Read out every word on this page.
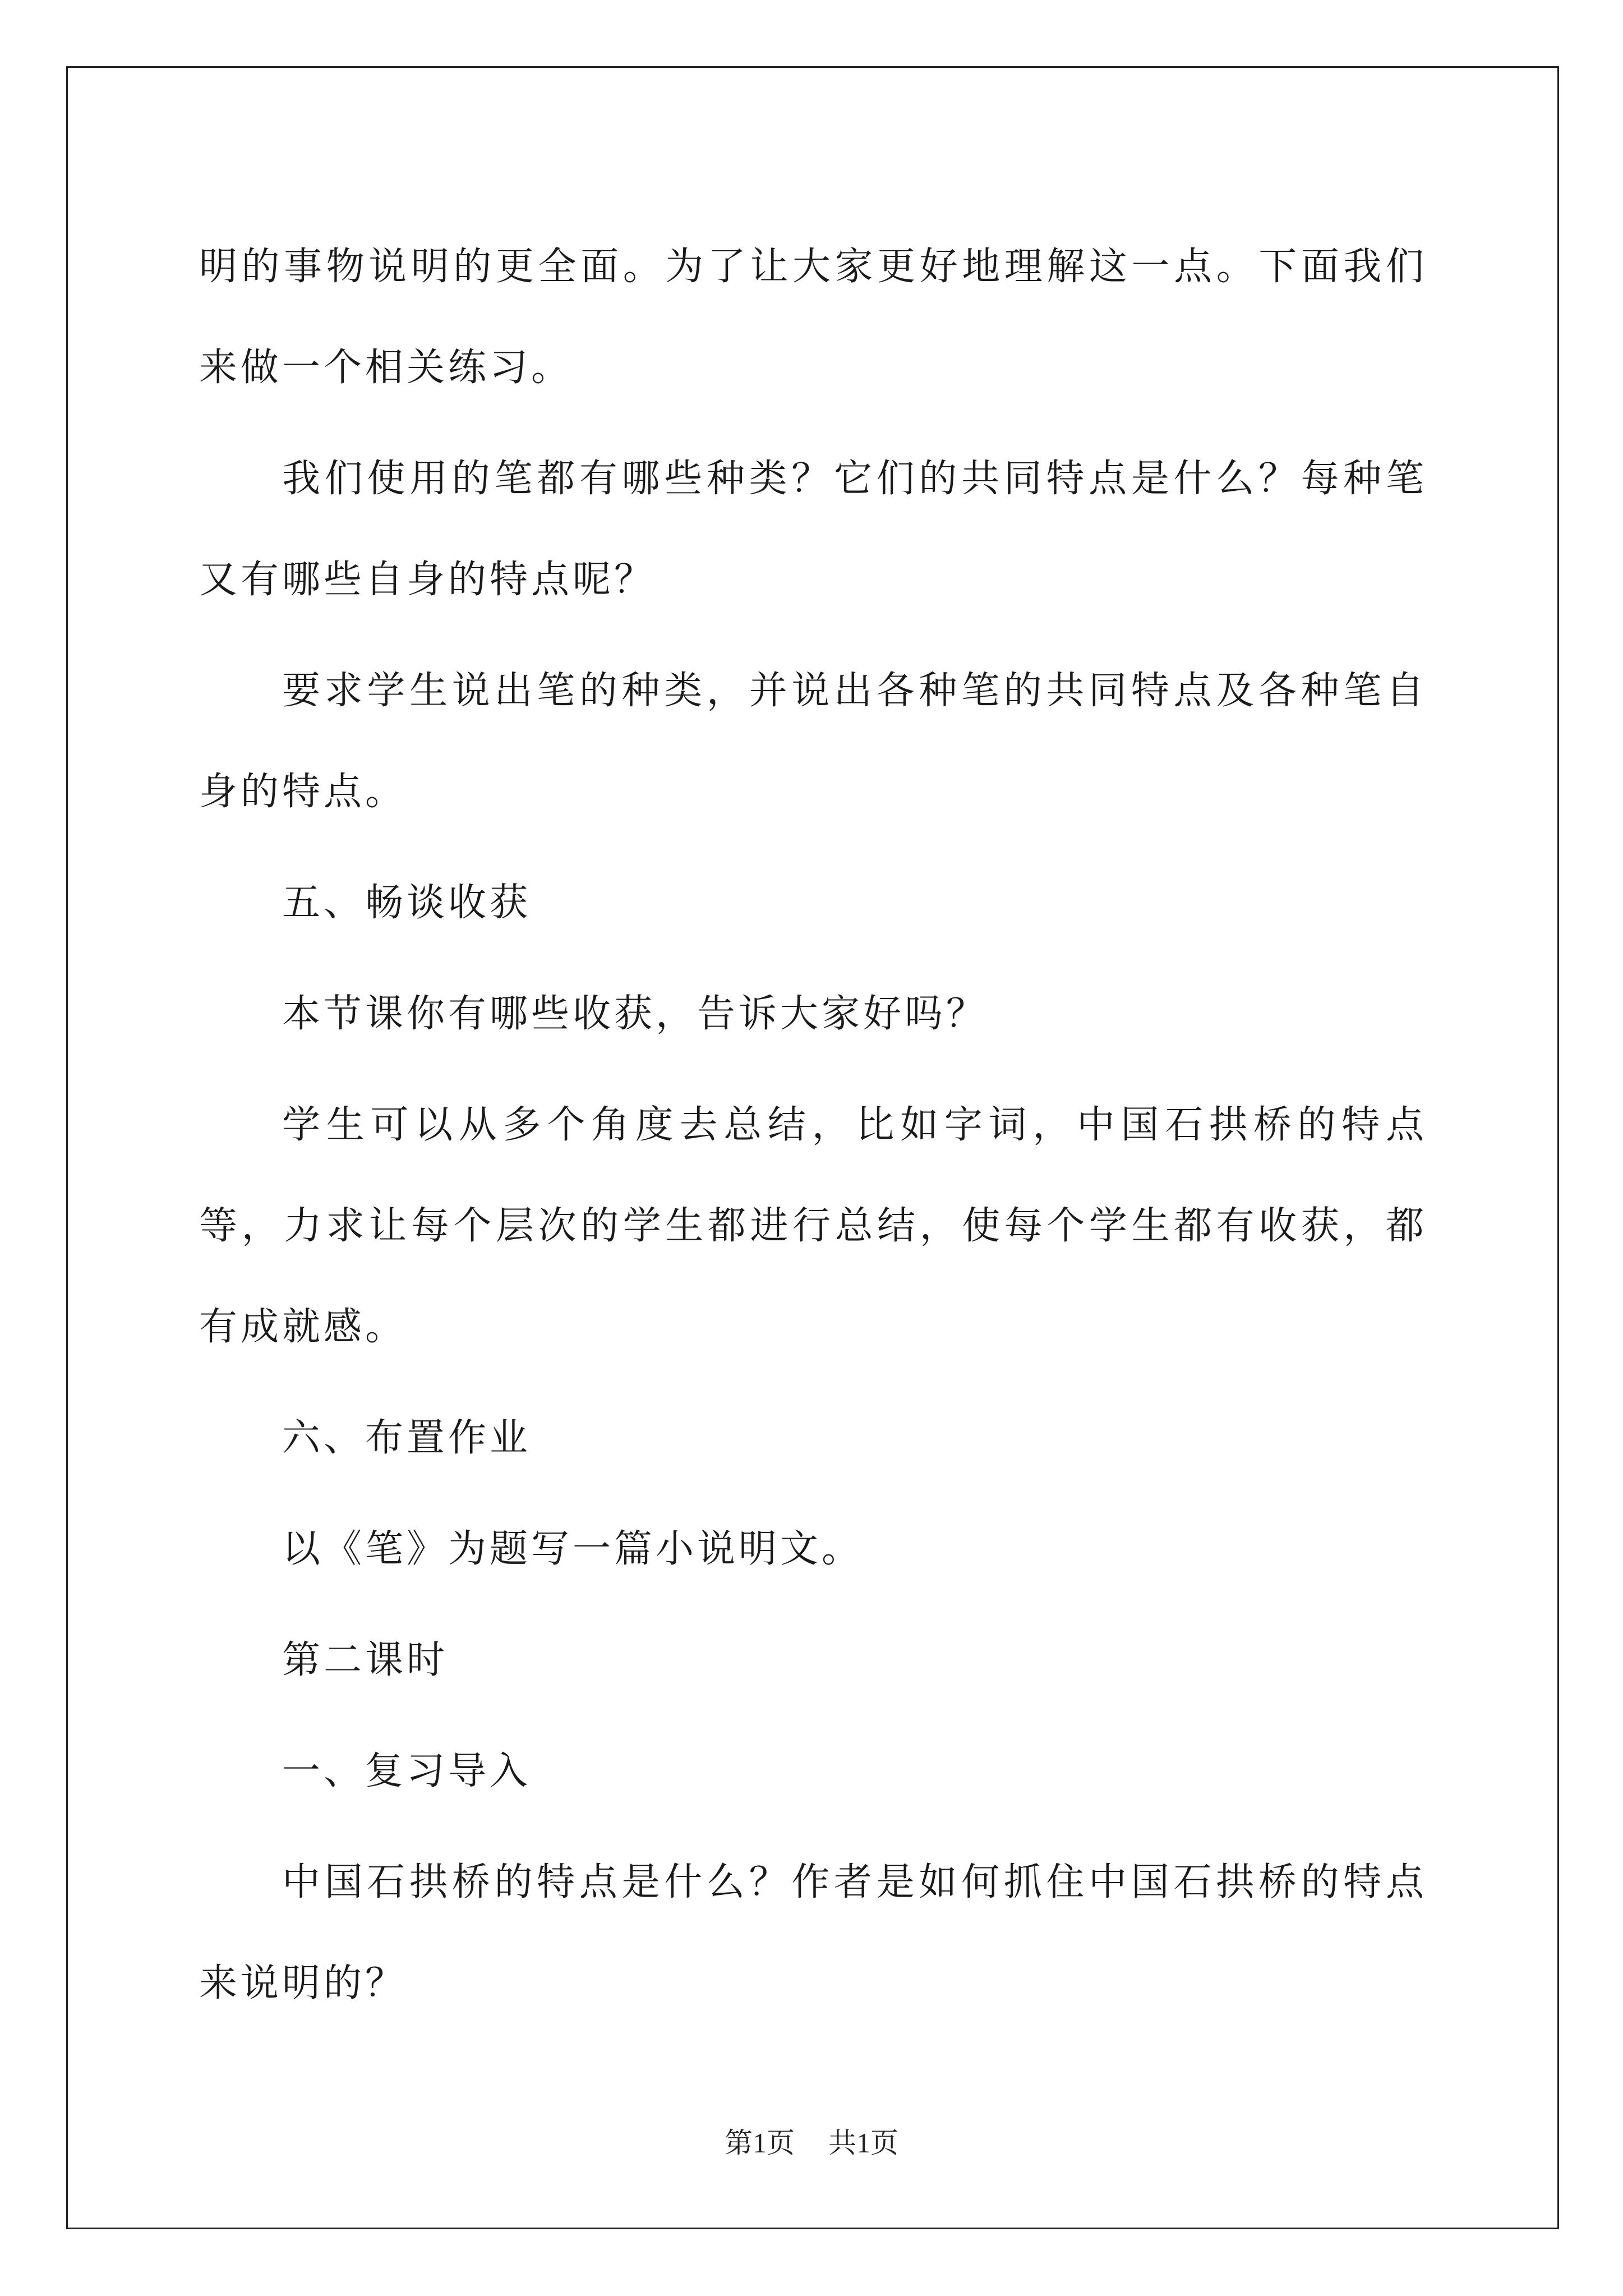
明的事物说明的更全面。为了让大家更好地理解这一点。下面我们来做一个相关练习。

我们使用的笔都有哪些种类？它们的共同特点是什么？每种笔又有哪些自身的特点呢？

要求学生说出笔的种类，并说出各种笔的共同特点及各种笔自身的特点。

五、畅谈收获

本节课你有哪些收获，告诉大家好吗？

学生可以从多个角度去总结，比如字词，中国石拱桥的特点等，力求让每个层次的学生都进行总结，使每个学生都有收获，都有成就感。

六、布置作业

以《笔》为题写一篇小说明文。

第二课时

一、复习导入

中国石拱桥的特点是什么？作者是如何抓住中国石拱桥的特点来说明的？

第1页 共1页
